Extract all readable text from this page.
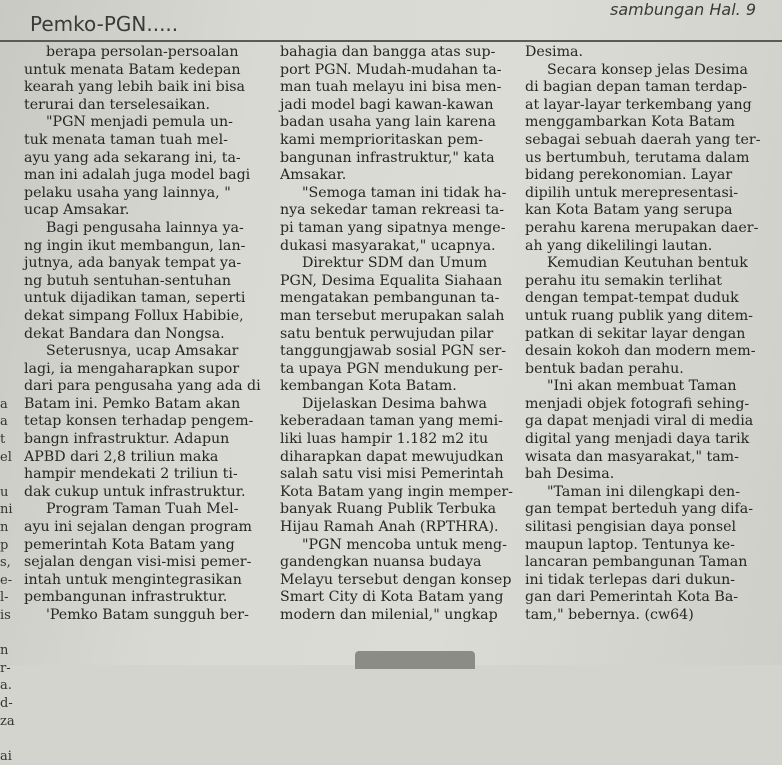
Pemko-PGN.....
sambungan Hal. 9
a
a
t
el
u
ni
n
p
s,
e-
l-
is
n
r-
a.
d-
za
ai
berapa persolan-persoalan
untuk menata Batam kedepan
kearah yang lebih baik ini bisa
terurai dan terselesaikan.
"PGN menjadi pemula un-
tuk menata taman tuah mel-
ayu yang ada sekarang ini, ta-
man ini adalah juga model bagi
pelaku usaha yang lainnya, "
ucap Amsakar.
Bagi pengusaha lainnya ya-
ng ingin ikut membangun, lan-
jutnya, ada banyak tempat ya-
ng butuh sentuhan-sentuhan
untuk dijadikan taman, seperti
dekat simpang Follux Habibie,
dekat Bandara dan Nongsa.
Seterusnya, ucap Amsakar
lagi, ia mengaharapkan supor
dari para pengusaha yang ada di
Batam ini. Pemko Batam akan
tetap konsen terhadap pengem-
bangn infrastruktur. Adapun
APBD dari 2,8 triliun maka
hampir mendekati 2 triliun ti-
dak cukup untuk infrastruktur.
Program Taman Tuah Mel-
ayu ini sejalan dengan program
pemerintah Kota Batam yang
sejalan dengan visi-misi pemer-
intah untuk mengintegrasikan
pembangunan infrastruktur.
'Pemko Batam sungguh ber-
bahagia dan bangga atas sup-
port PGN. Mudah-mudahan ta-
man tuah melayu ini bisa men-
jadi model bagi kawan-kawan
badan usaha yang lain karena
kami memprioritaskan pem-
bangunan infrastruktur," kata
Amsakar.
"Semoga taman ini tidak ha-
nya sekedar taman rekreasi ta-
pi taman yang sipatnya menge-
dukasi masyarakat," ucapnya.
Direktur SDM dan Umum
PGN, Desima Equalita Siahaan
mengatakan pembangunan ta-
man tersebut merupakan salah
satu bentuk perwujudan pilar
tanggungjawab sosial PGN ser-
ta upaya PGN mendukung per-
kembangan Kota Batam.
Dijelaskan Desima bahwa
keberadaan taman yang memi-
liki luas hampir 1.182 m2 itu
diharapkan dapat mewujudkan
salah satu visi misi Pemerintah
Kota Batam yang ingin memper-
banyak Ruang Publik Terbuka
Hijau Ramah Anah (RPTHRA).
"PGN mencoba untuk meng-
gandengkan nuansa budaya
Melayu tersebut dengan konsep
Smart City di Kota Batam yang
modern dan milenial," ungkap
Desima.
Secara konsep jelas Desima
di bagian depan taman terdap-
at layar-layar terkembang yang
menggambarkan Kota Batam
sebagai sebuah daerah yang ter-
us bertumbuh, terutama dalam
bidang perekonomian. Layar
dipilih untuk merepresentasi-
kan Kota Batam yang serupa
perahu karena merupakan daer-
ah yang dikelilingi lautan.
Kemudian Keutuhan bentuk
perahu itu semakin terlihat
dengan tempat-tempat duduk
untuk ruang publik yang ditem-
patkan di sekitar layar dengan
desain kokoh dan modern mem-
bentuk badan perahu.
"Ini akan membuat Taman
menjadi objek fotografi sehing-
ga dapat menjadi viral di media
digital yang menjadi daya tarik
wisata dan masyarakat," tam-
bah Desima.
"Taman ini dilengkapi den-
gan tempat berteduh yang difa-
silitasi pengisian daya ponsel
maupun laptop. Tentunya ke-
lancaran pembangunan Taman
ini tidak terlepas dari dukun-
gan dari Pemerintah Kota Ba-
tam," bebernya. (cw64)
